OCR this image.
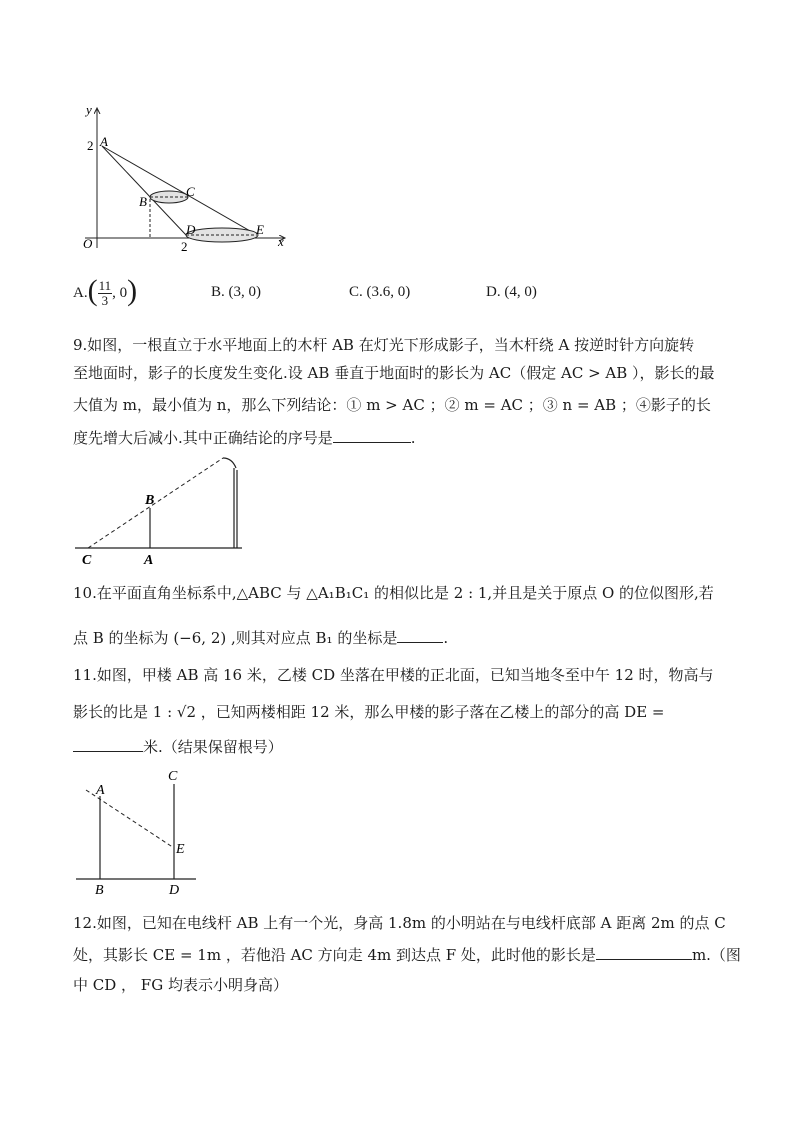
y
x
O
A
B
C
D	E
2
2
A. ( $\frac{11}{3}$ , 0 )	B. (3, 0)	C. (3.6, 0)	D. (4, 0)
9.如图，一根直立于水平地面上的木杆 AB 在灯光下形成影子，当木杆绕 A 按逆时针方向旋转
至地面时，影子的长度发生变化.设 AB 垂直于地面时的影长为 AC（假定 AC > AB ），影长的最
大值为 m，最小值为 n，那么下列结论：① m > AC ；② m = AC ；③ n = AB ；④影子的长
度先增大后减小.其中正确结论的序号是	.
B
C	A
10.在平面直角坐标系中,△ABC 与 △A₁B₁C₁ 的相似比是 2 : 1,并且是关于原点 O 的位似图形,若
点 B 的坐标为 (−6, 2) ,则其对应点 B₁ 的坐标是	.
11.如图，甲楼 AB 高 16 米，乙楼 CD 坐落在甲楼的正北面，已知当地冬至中午 12 时，物高与
影长的比是 1 : √2 ，已知两楼相距 12 米，那么甲楼的影子落在乙楼上的部分的高 DE =
米.（结果保留根号）
A
B
C
D
E
12.如图，已知在电线杆 AB 上有一个光，身高 1.8m 的小明站在与电线杆底部 A 距离 2m 的点 C
处，其影长 CE = 1m ，若他沿 AC 方向走 4m 到达点 F 处，此时他的影长是	m.（图
中 CD ， FG 均表示小明身高）
